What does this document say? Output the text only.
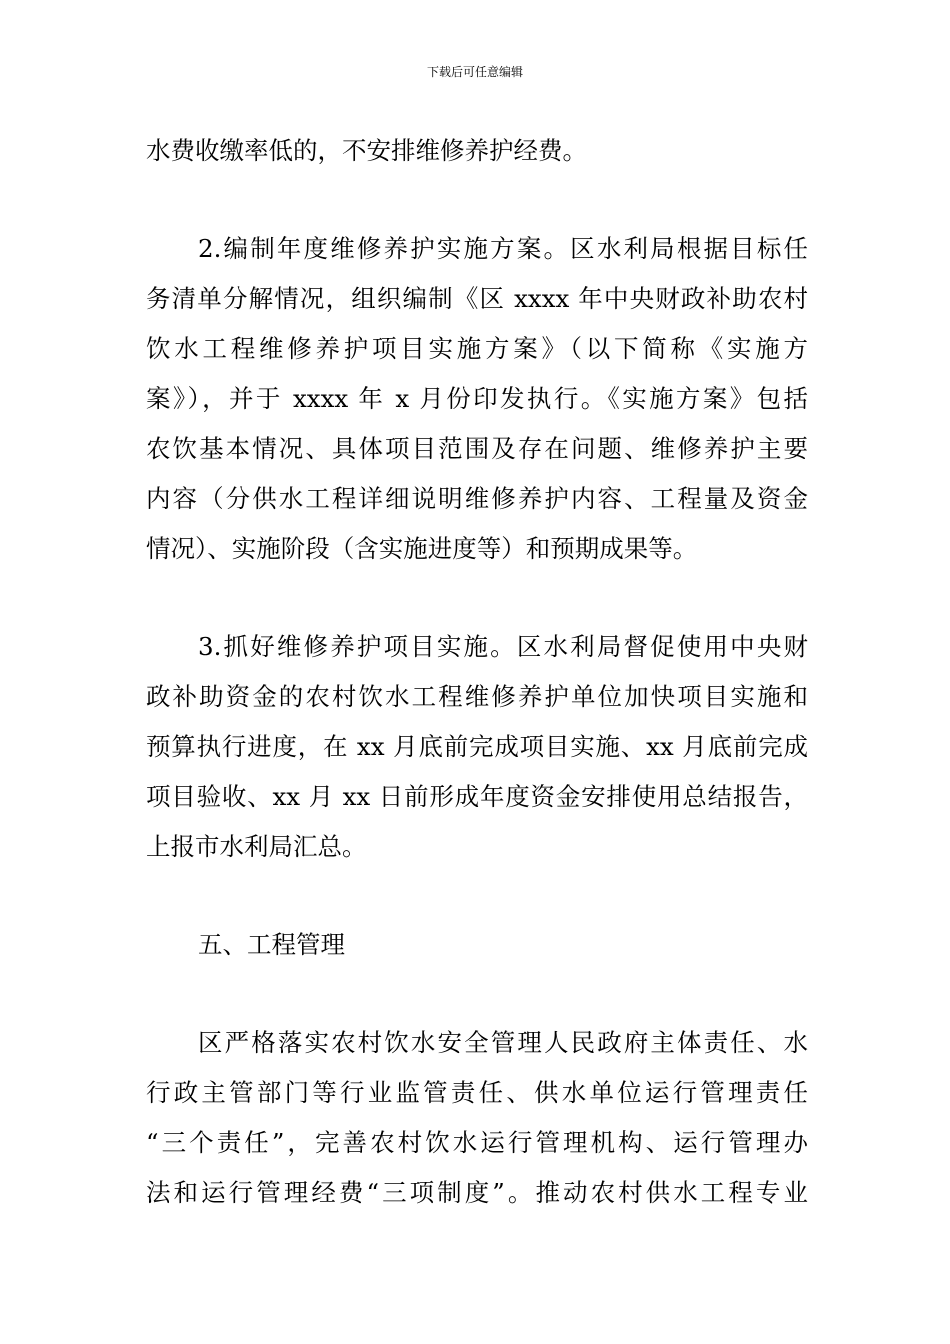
下载后可任意编辑
水费收缴率低的，不安排维修养护经费。
2.编制年度维修养护实施方案。区水利局根据目标任
务清单分解情况，组织编制《区 xxxx 年中央财政补助农村
饮水工程维修养护项目实施方案》（以下简称《实施方
案》），并于 xxxx 年 x 月份印发执行。《实施方案》包括
农饮基本情况、具体项目范围及存在问题、维修养护主要
内容（分供水工程详细说明维修养护内容、工程量及资金
情况）、实施阶段（含实施进度等）和预期成果等。
3.抓好维修养护项目实施。区水利局督促使用中央财
政补助资金的农村饮水工程维修养护单位加快项目实施和
预算执行进度，在 xx 月底前完成项目实施、xx 月底前完成
项目验收、xx 月 xx 日前形成年度资金安排使用总结报告，
上报市水利局汇总。
五、工程管理
区严格落实农村饮水安全管理人民政府主体责任、水
行政主管部门等行业监管责任、供水单位运行管理责任
“三个责任”，完善农村饮水运行管理机构、运行管理办
法和运行管理经费“三项制度”。推动农村供水工程专业
